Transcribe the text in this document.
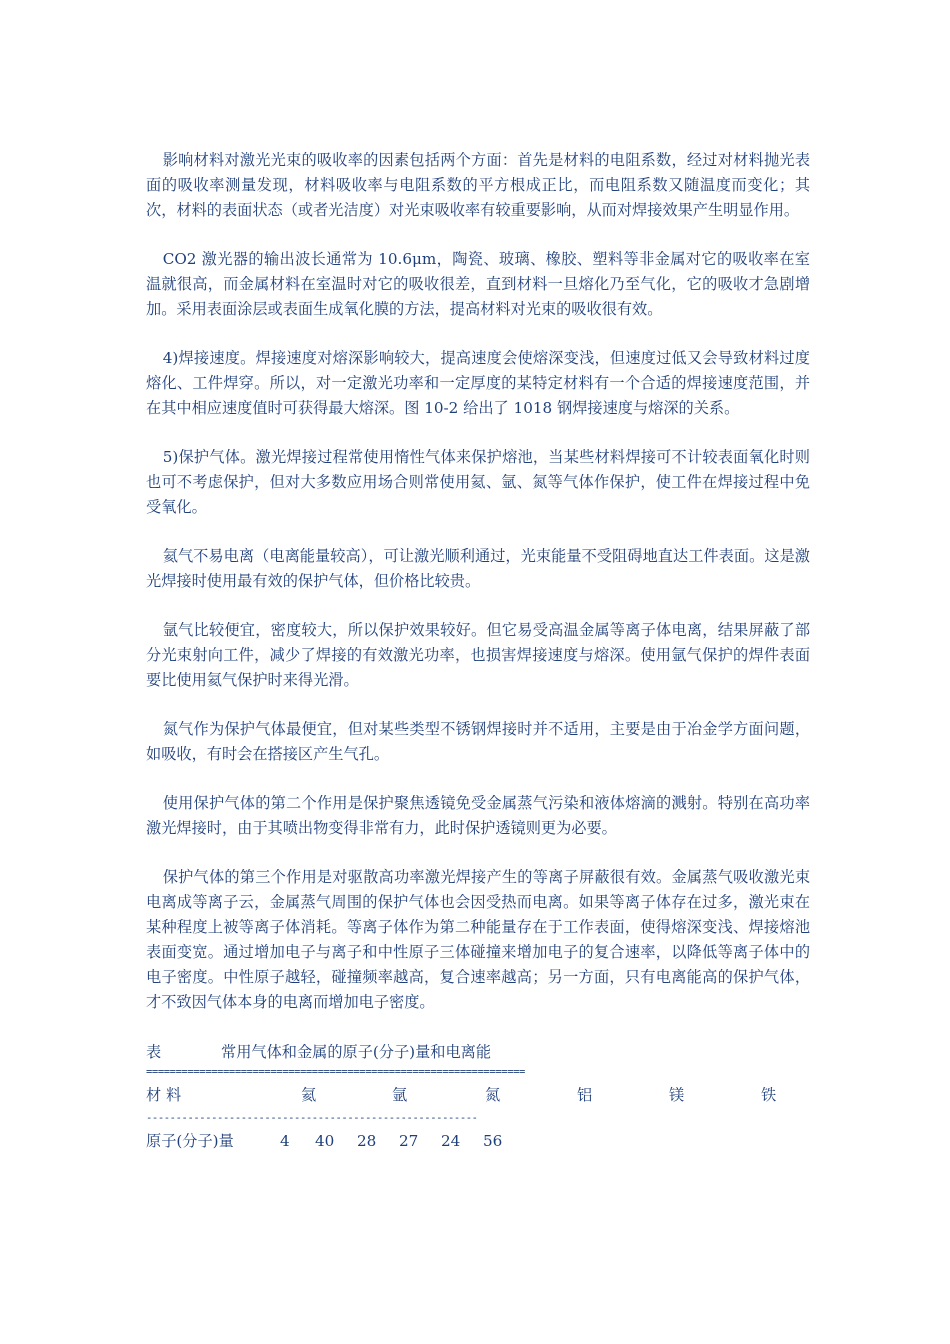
影响材料对激光光束的吸收率的因素包括两个方面：首先是材料的电阻系数，经过对材料抛光表面的吸收率测量发现，材料吸收率与电阻系数的平方根成正比，而电阻系数又随温度而变化；其次，材料的表面状态（或者光洁度）对光束吸收率有较重要影响，从而对焊接效果产生明显作用。

CO2 激光器的输出波长通常为 10.6μm，陶瓷、玻璃、橡胶、塑料等非金属对它的吸收率在室温就很高，而金属材料在室温时对它的吸收很差，直到材料一旦熔化乃至气化，它的吸收才急剧增加。采用表面涂层或表面生成氧化膜的方法，提高材料对光束的吸收很有效。

4)焊接速度。焊接速度对熔深影响较大，提高速度会使熔深变浅，但速度过低又会导致材料过度熔化、工件焊穿。所以，对一定激光功率和一定厚度的某特定材料有一个合适的焊接速度范围，并在其中相应速度值时可获得最大熔深。图 10-2 给出了 1018 钢焊接速度与熔深的关系。

5)保护气体。激光焊接过程常使用惰性气体来保护熔池，当某些材料焊接可不计较表面氧化时则也可不考虑保护，但对大多数应用场合则常使用氦、氩、氮等气体作保护，使工件在焊接过程中免受氧化。

氦气不易电离（电离能量较高），可让激光顺利通过，光束能量不受阻碍地直达工件表面。这是激光焊接时使用最有效的保护气体，但价格比较贵。

氩气比较便宜，密度较大，所以保护效果较好。但它易受高温金属等离子体电离，结果屏蔽了部分光束射向工件，减少了焊接的有效激光功率，也损害焊接速度与熔深。使用氩气保护的焊件表面要比使用氦气保护时来得光滑。

氮气作为保护气体最便宜，但对某些类型不锈钢焊接时并不适用，主要是由于冶金学方面问题，如吸收，有时会在搭接区产生气孔。

使用保护气体的第二个作用是保护聚焦透镜免受金属蒸气污染和液体熔滴的溅射。特别在高功率激光焊接时，由于其喷出物变得非常有力，此时保护透镜则更为必要。

保护气体的第三个作用是对驱散高功率激光焊接产生的等离子屏蔽很有效。金属蒸气吸收激光束电离成等离子云，金属蒸气周围的保护气体也会因受热而电离。如果等离子体存在过多，激光束在某种程度上被等离子体消耗。等离子体作为第二种能量存在于工作表面，使得熔深变浅、焊接熔池表面变宽。通过增加电子与离子和中性原子三体碰撞来增加电子的复合速率，以降低等离子体中的电子密度。中性原子越轻，碰撞频率越高，复合速率越高；另一方面，只有电离能高的保护气体，才不致因气体本身的电离而增加电子密度。

表	常用气体和金属的原子(分子)量和电离能
================================================================
材 料	氦	氩	氮	铝	镁	铁
--------------------------------------------------------
原子(分子)量	4 40 28 27 24 56
